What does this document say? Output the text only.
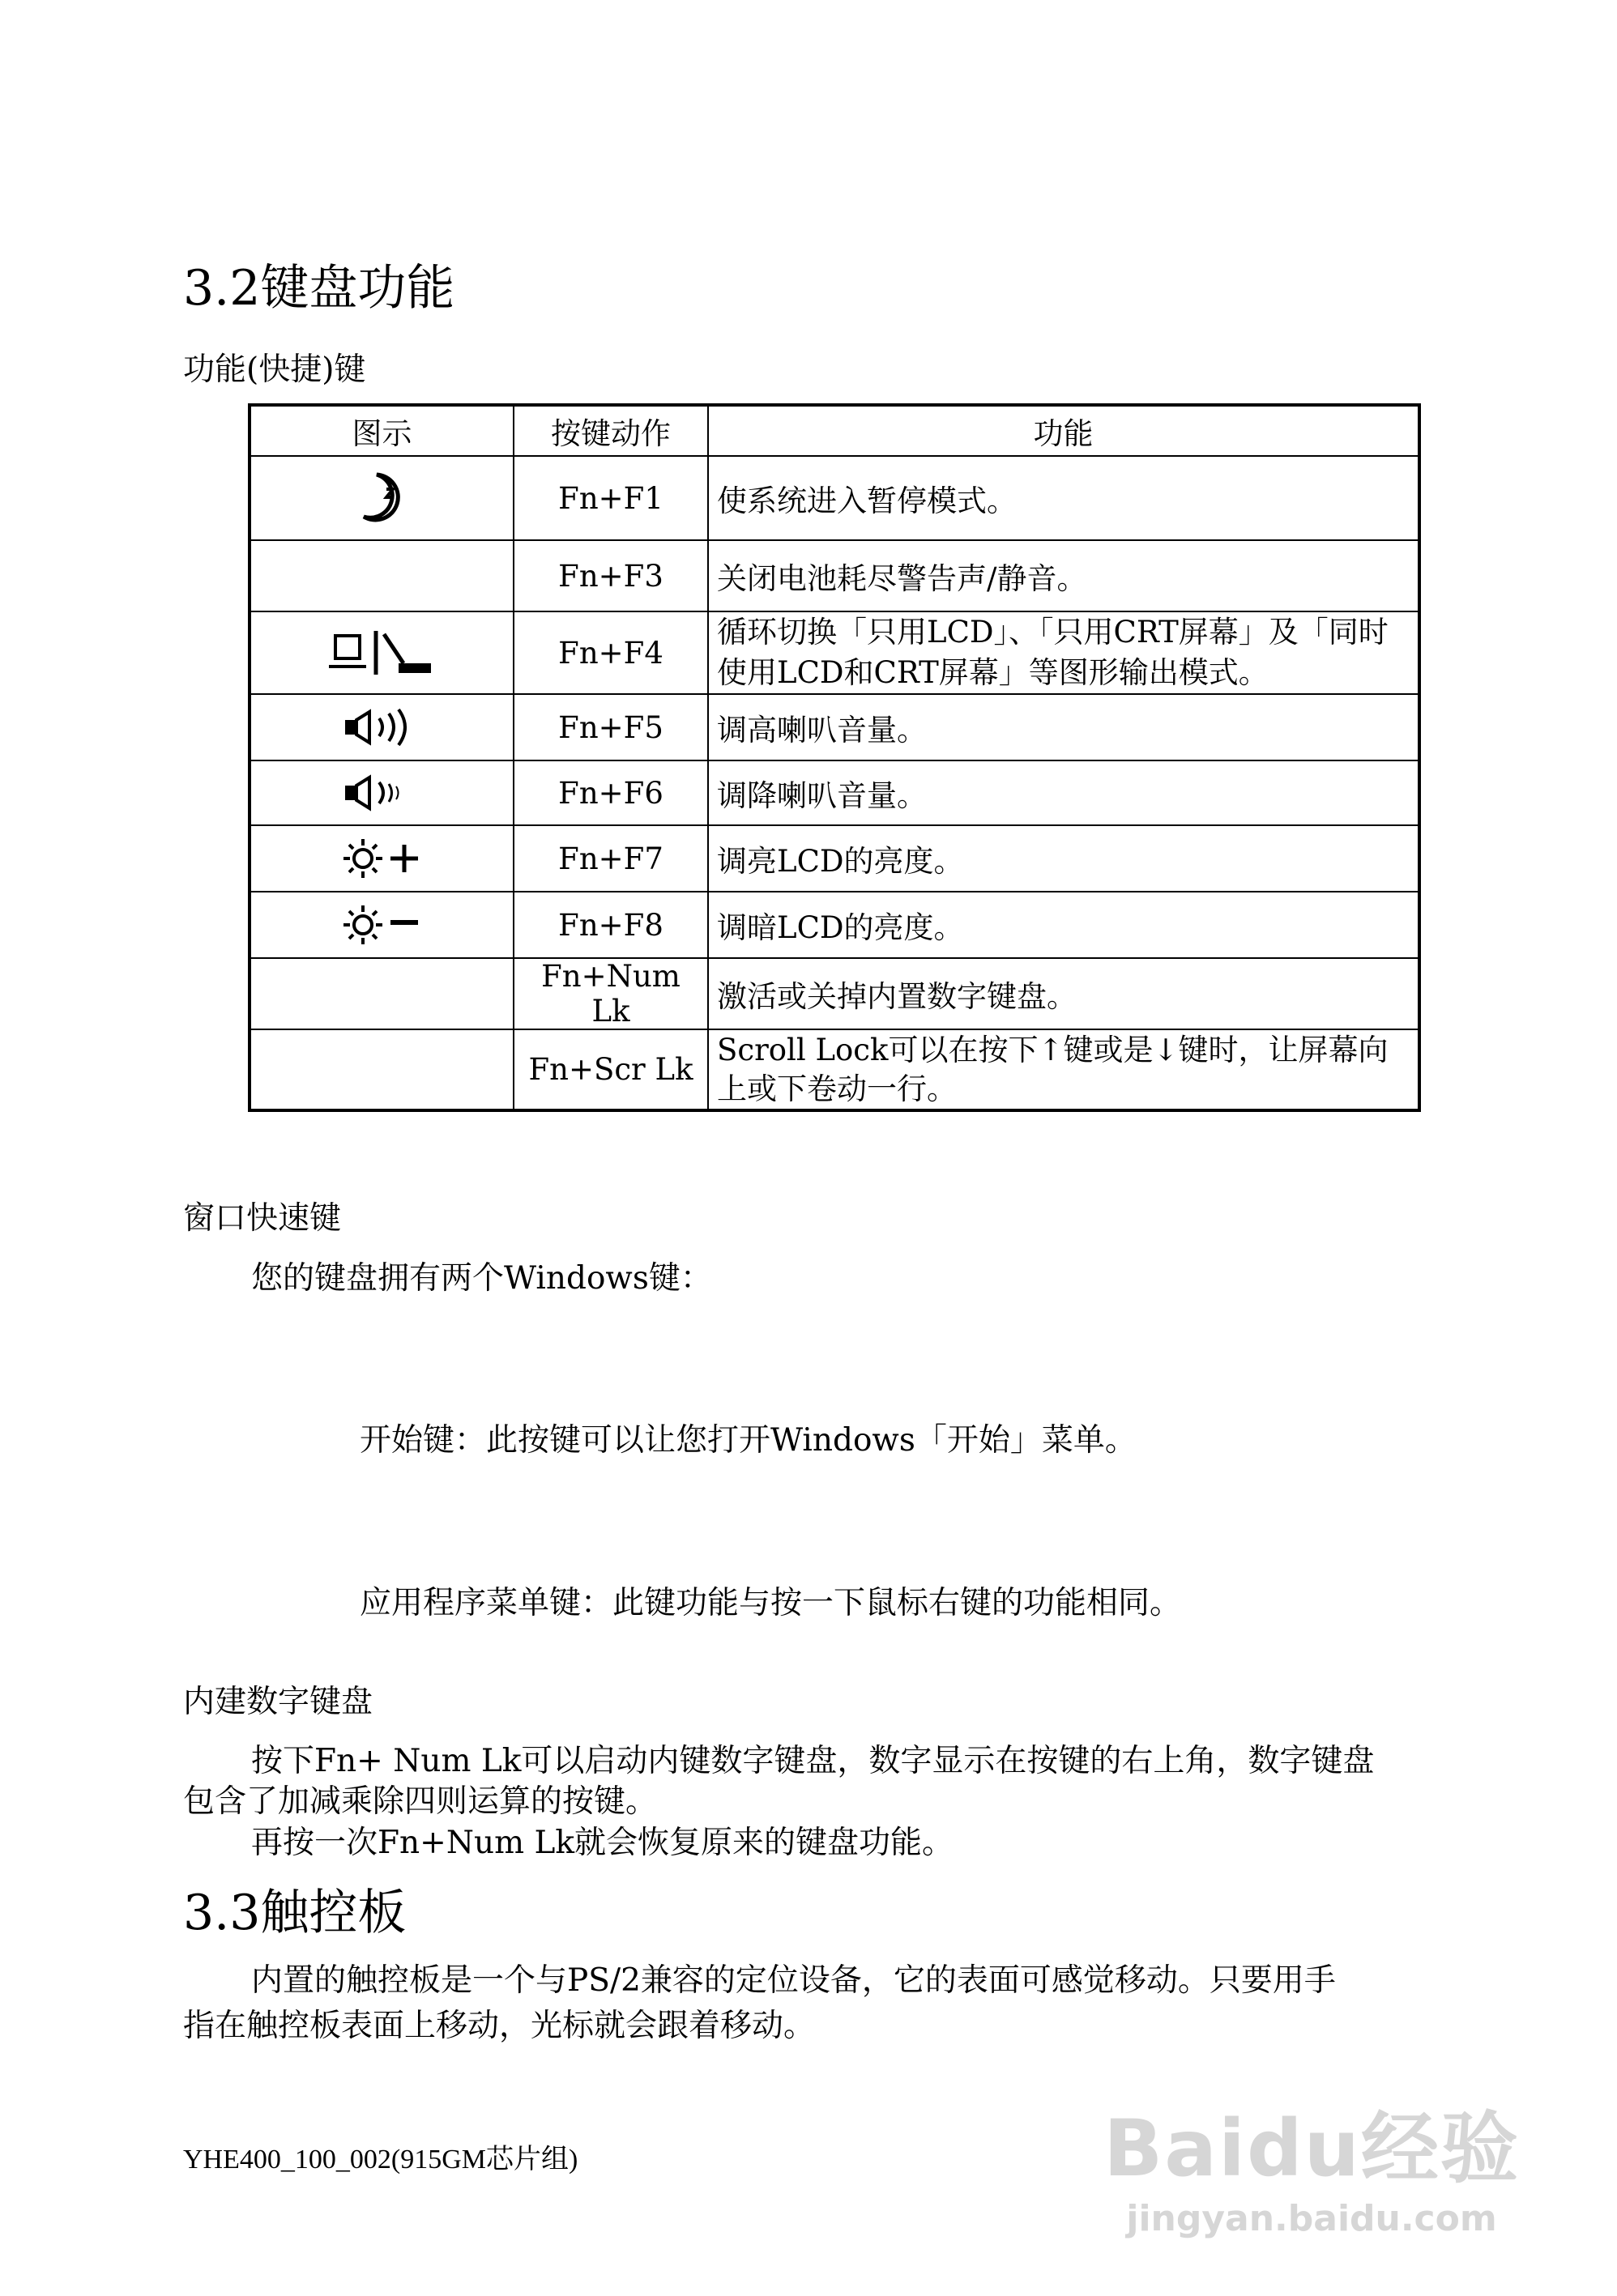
3.2键盘功能
功能(快捷)键
图示	按键动作	功能

	Fn+F1	使系统进入暂停模式。
	Fn+F3	关闭电池耗尽警告声/静音。

	Fn+F4	循环切换「只用LCD」、「只用CRT屏幕」及「同时使用LCD和CRT屏幕」等图形输出模式。

	Fn+F5	调高喇叭音量。

	Fn+F6	调降喇叭音量。

	Fn+F7	调亮LCD的亮度。

	Fn+F8	调暗LCD的亮度。
	Fn+Num Lk	激活或关掉内置数字键盘。
	Fn+Scr Lk	Scroll Lock可以在按下↑键或是↓键时，让屏幕向上或下卷动一行。
窗口快速键
您的键盘拥有两个Windows键：
开始键：此按键可以让您打开Windows「开始」菜单。
应用程序菜单键：此键功能与按一下鼠标右键的功能相同。
内建数字键盘
按下Fn+ Num Lk可以启动内键数字键盘，数字显示在按键的右上角，数字键盘
包含了加减乘除四则运算的按键。
再按一次Fn+Num Lk就会恢复原来的键盘功能。
3.3触控板
内置的触控板是一个与PS/2兼容的定位设备，它的表面可感觉移动。只要用手
指在触控板表面上移动，光标就会跟着移动。
YHE400_100_002(915GM芯片组)	Baidu经验
jingyan.baidu.com
